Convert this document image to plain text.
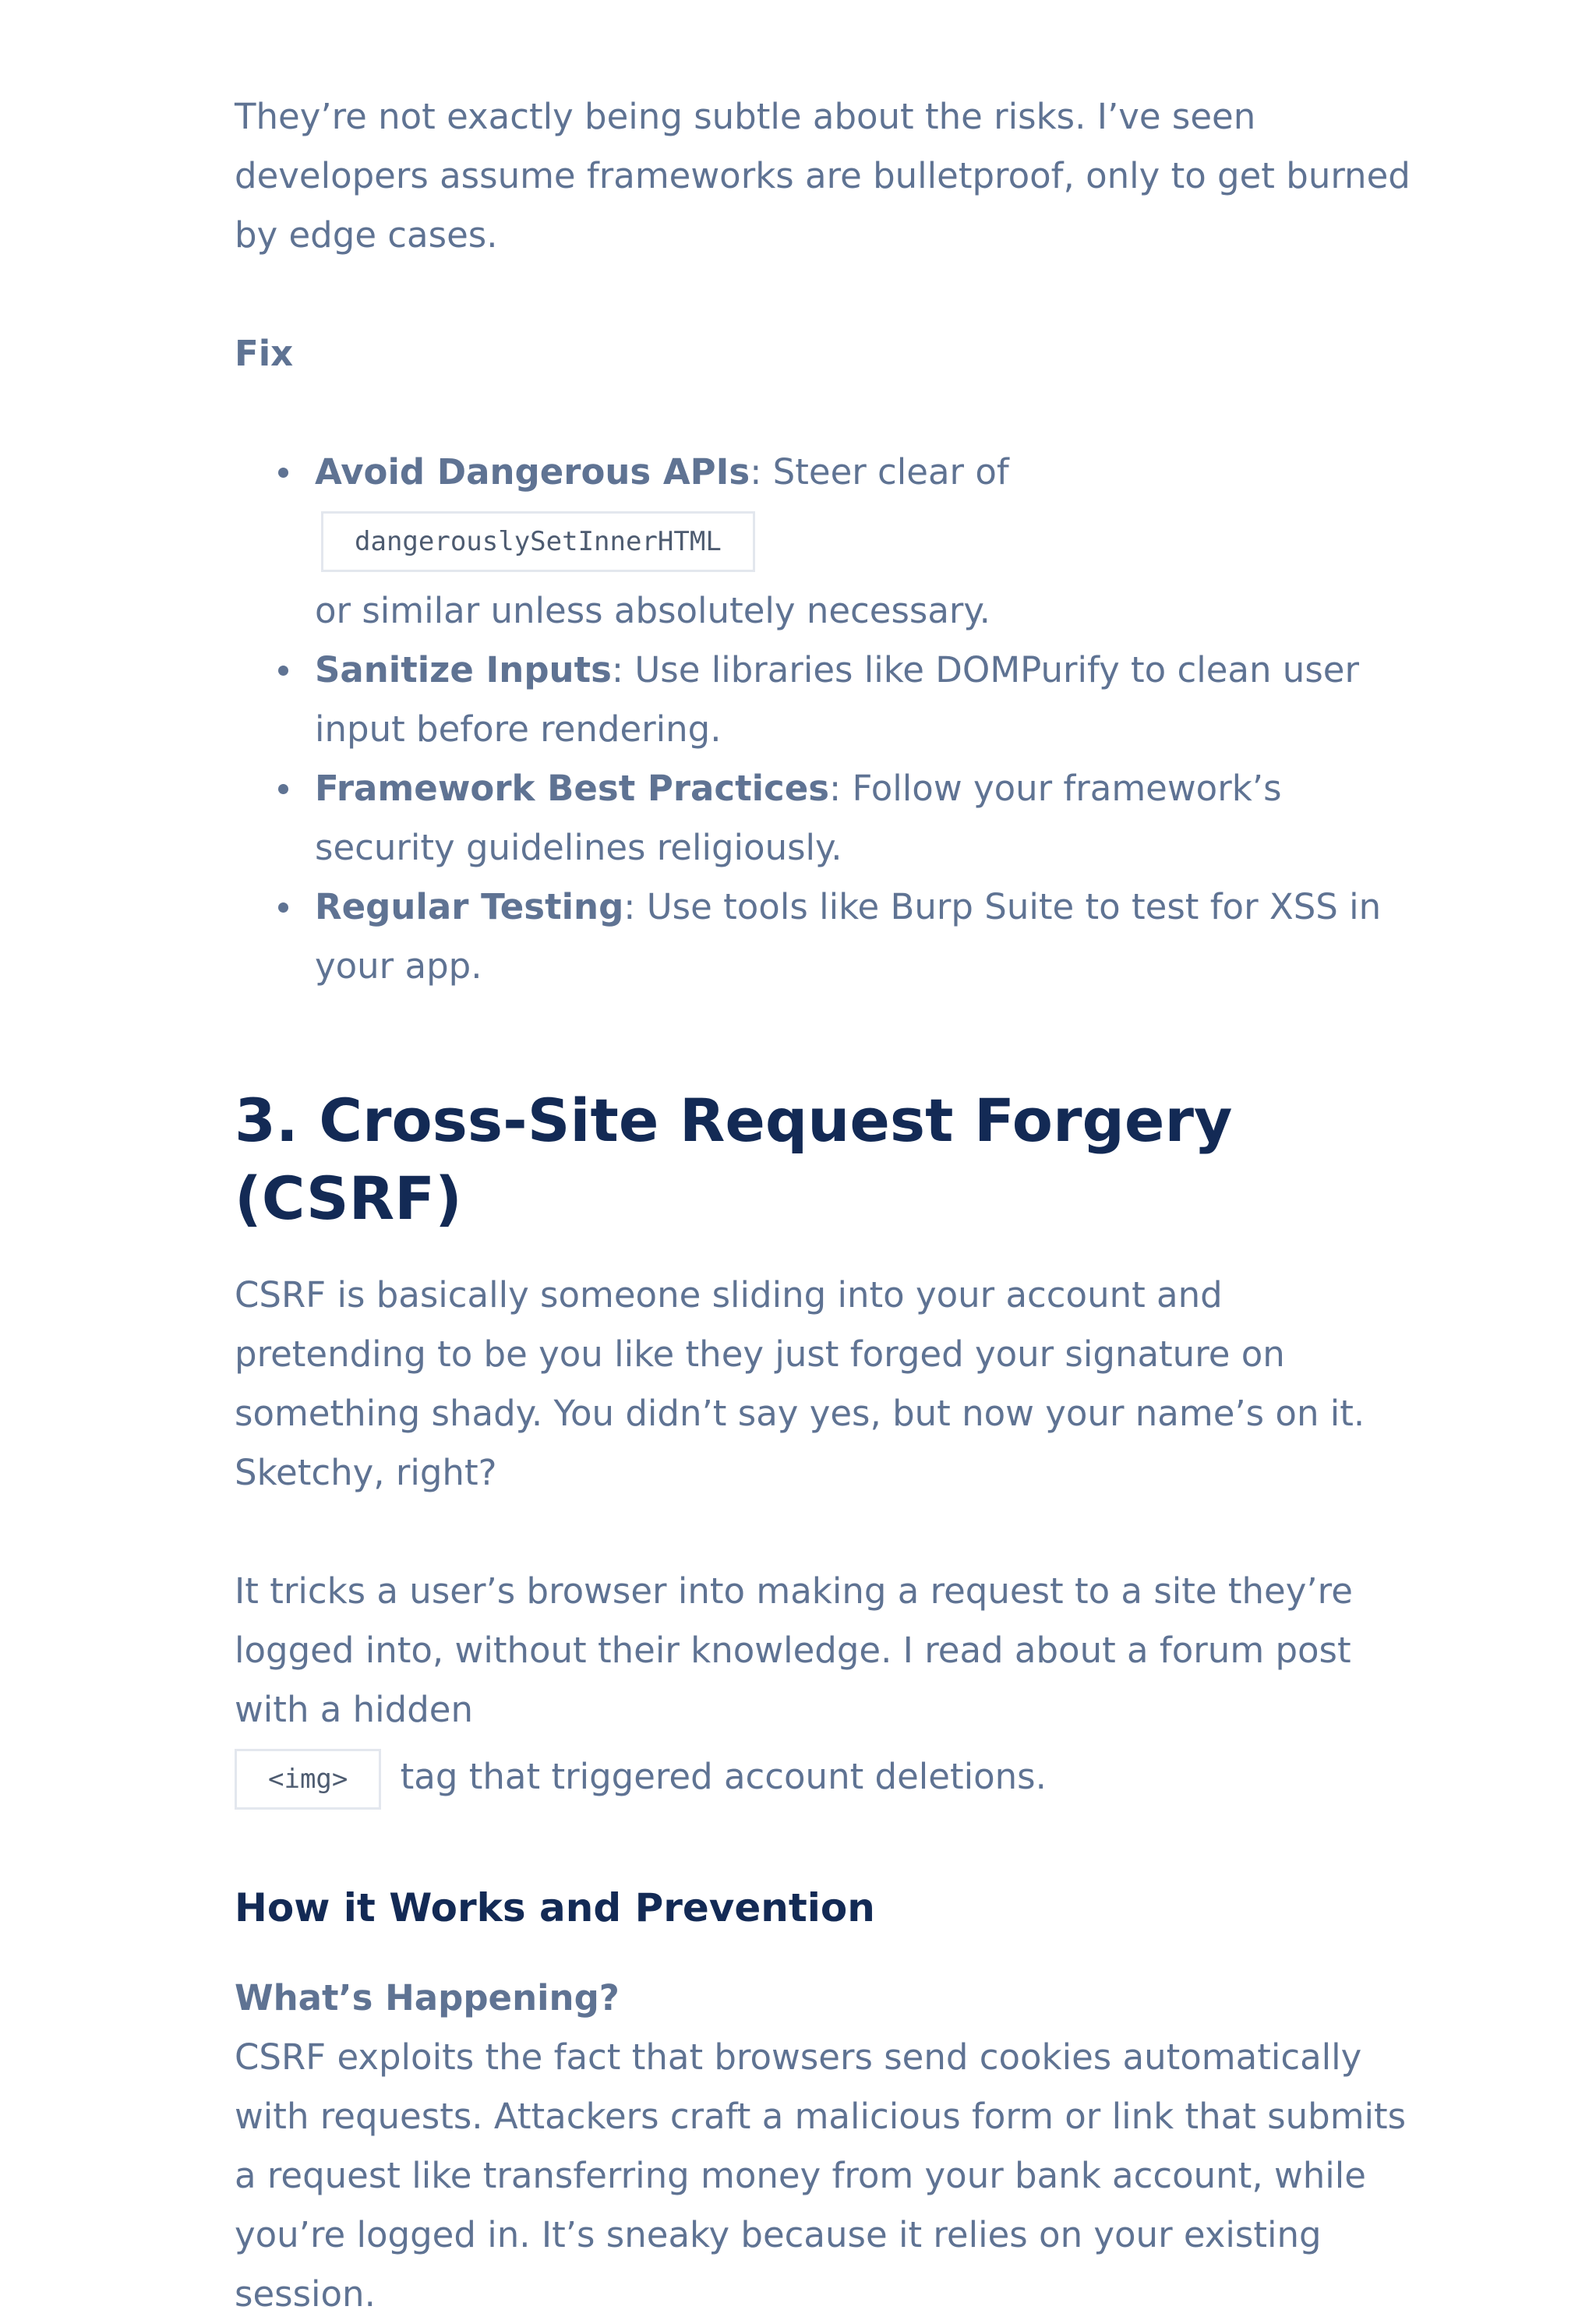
They’re not exactly being subtle about the risks. I’ve seen developers assume frameworks are bulletproof, only to get burned by edge cases.

Fix
Avoid Dangerous APIs: Steer clear of dangerouslySetInnerHTML
or similar unless absolutely necessary.
Sanitize Inputs: Use libraries like DOMPurify to clean user input before rendering.
Framework Best Practices: Follow your framework’s security guidelines religiously.
Regular Testing: Use tools like Burp Suite to test for XSS in your app.
3. Cross-Site Request Forgery (CSRF)

CSRF is basically someone sliding into your account and pretending to be you like they just forged your signature on something shady. You didn’t say yes, but now your name’s on it. Sketchy, right?

It tricks a user’s browser into making a request to a site they’re logged into, without their knowledge. I read about a forum post with a hidden
<img> tag that triggered account deletions.

How it Works and Prevention
What’s Happening?

CSRF exploits the fact that browsers send cookies automatically with requests. Attackers craft a malicious form or link that submits a request like transferring money from your bank account, while you’re logged in. It’s sneaky because it relies on your existing session.
